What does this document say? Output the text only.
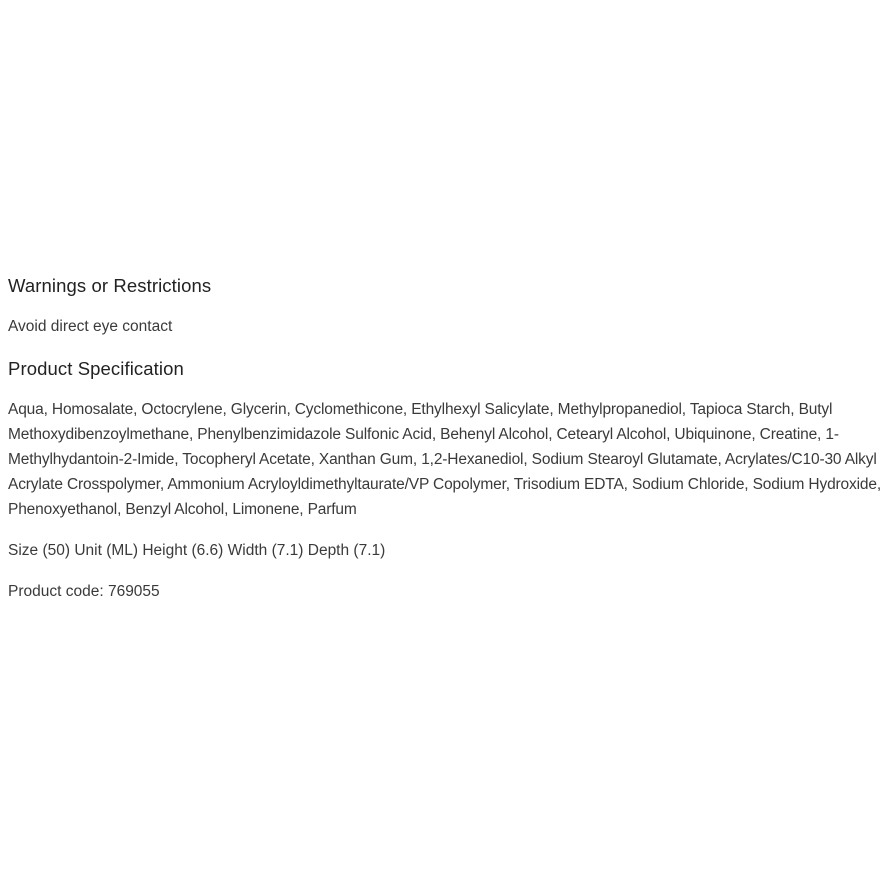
Warnings or Restrictions

Avoid direct eye contact

Product Specification

Aqua, Homosalate, Octocrylene, Glycerin, Cyclomethicone, Ethylhexyl Salicylate, Methylpropanediol, Tapioca Starch, Butyl Methoxydibenzoylmethane, Phenylbenzimidazole Sulfonic Acid, Behenyl Alcohol, Cetearyl Alcohol, Ubiquinone, Creatine, 1-Methylhydantoin-2-Imide, Tocopheryl Acetate, Xanthan Gum, 1,2-Hexanediol, Sodium Stearoyl Glutamate, Acrylates/C10-30 Alkyl Acrylate Crosspolymer, Ammonium Acryloyldimethyltaurate/VP Copolymer, Trisodium EDTA, Sodium Chloride, Sodium Hydroxide, Phenoxyethanol, Benzyl Alcohol, Limonene, Parfum

Size (50) Unit (ML) Height (6.6) Width (7.1) Depth (7.1)

Product code: 769055
